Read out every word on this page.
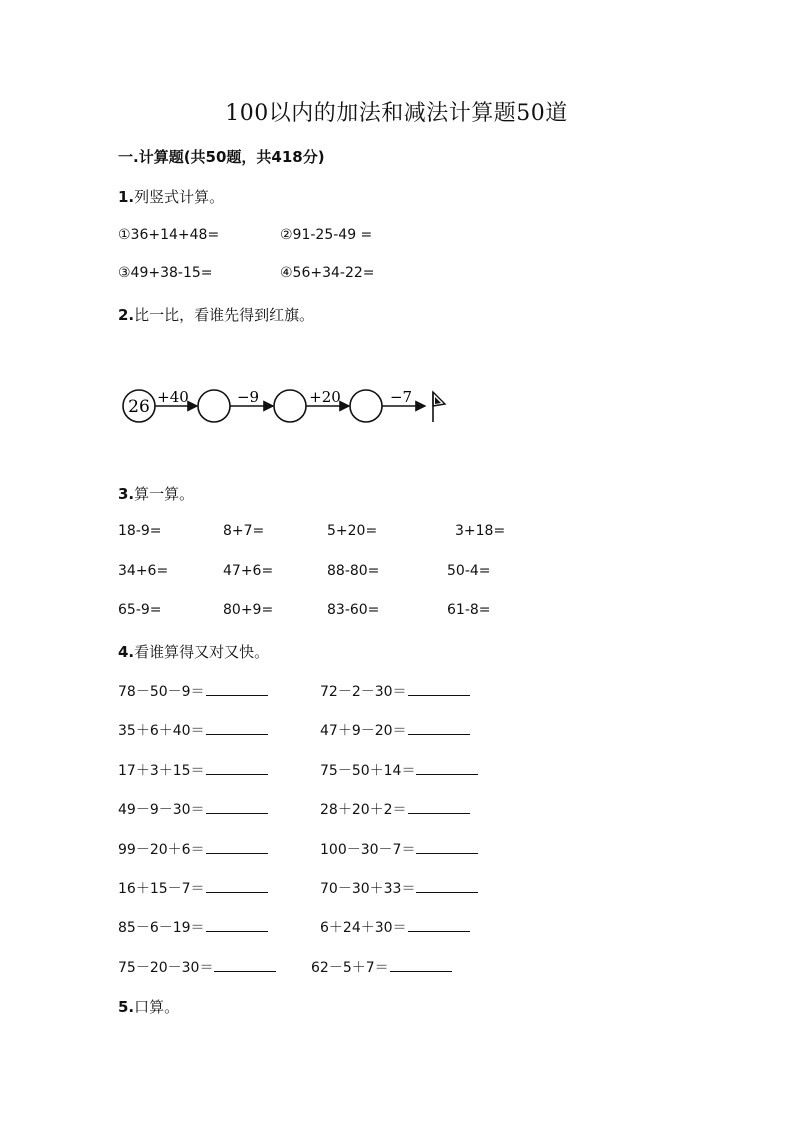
100以内的加法和减法计算题50道
一.计算题(共50题，共418分)
1.列竖式计算。
①36+14+48=	②91-25-49 =
③49+38-15=	④56+34-22=
2.比一比，看谁先得到红旗。
26 +40	−9	+20	−7
3.算一算。
18-9=	8+7=	5+20=	3+18=
34+6=	47+6=	88-80=	50-4=
65-9=	80+9=	83-60=	61-8=
4.看谁算得又对又快。
78－50－9＝	72－2－30＝
35＋6＋40＝	47＋9－20＝
17＋3＋15＝	75－50＋14＝
49－9－30＝	28＋20＋2＝
99－20＋6＝	100－30－7＝
16＋15－7＝	70－30＋33＝
85－6－19＝	6＋24＋30＝
75－20－30＝	62－5＋7＝
5.口算。
